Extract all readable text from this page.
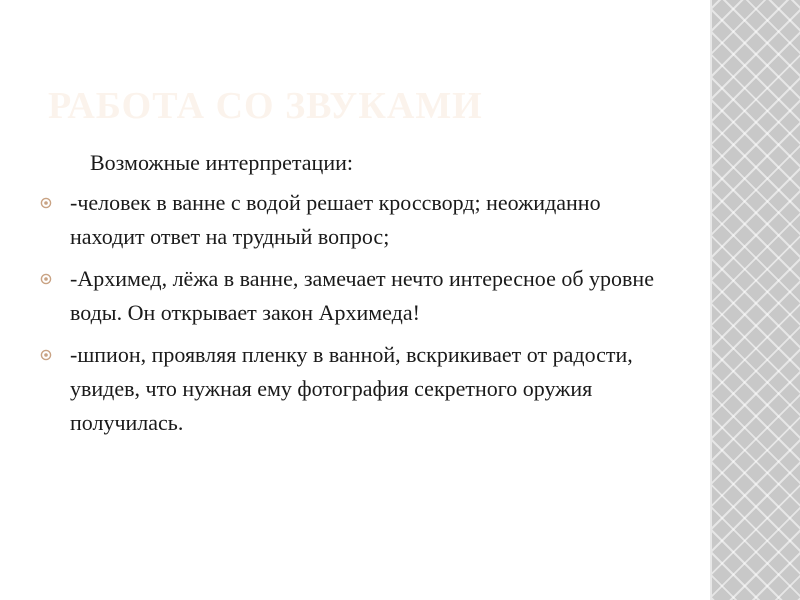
РАБОТА СО ЗВУКАМИ

Возможные интерпретации:

-человек в ванне с водой решает кроссворд; неожиданно находит ответ на трудный вопрос;
-Архимед, лёжа в ванне, замечает нечто интересное об уровне воды. Он открывает закон Архимеда!
-шпион, проявляя пленку в ванной, вскрикивает от радости, увидев, что нужная ему фотография секретного оружия получилась.
